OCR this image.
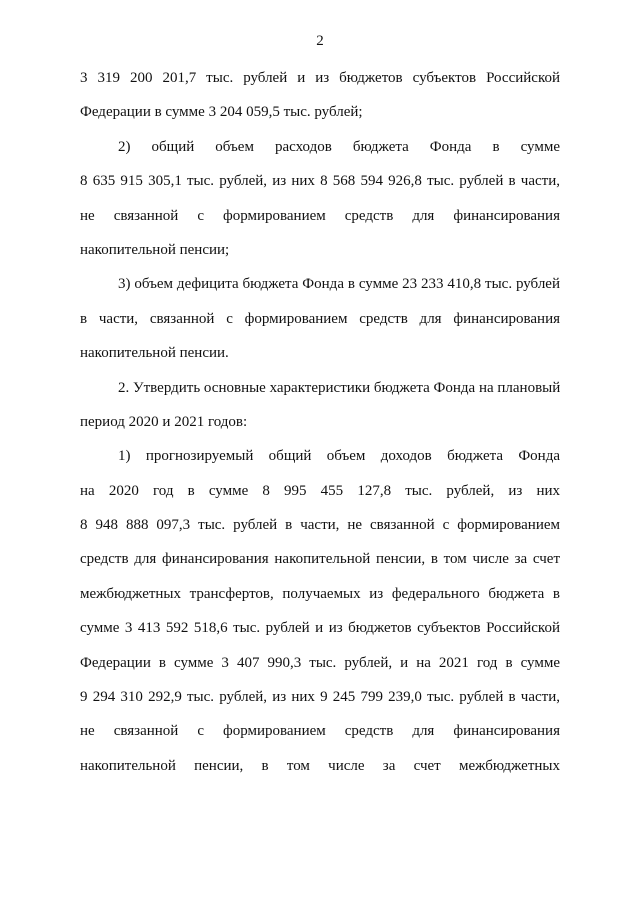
2
3 319 200 201,7 тыс. рублей и из бюджетов субъектов Российской
Федерации в сумме 3 204 059,5 тыс. рублей;
2) общий объем расходов бюджета Фонда в сумме
8 635 915 305,1 тыс. рублей, из них 8 568 594 926,8 тыс. рублей в части,
не связанной с формированием средств для финансирования
накопительной пенсии;
3) объем дефицита бюджета Фонда в сумме 23 233 410,8 тыс. рублей
в части, связанной с формированием средств для финансирования
накопительной пенсии.
2. Утвердить основные характеристики бюджета Фонда на плановый
период 2020 и 2021 годов:
1) прогнозируемый общий объем доходов бюджета Фонда
на 2020 год в сумме 8 995 455 127,8 тыс. рублей, из них
8 948 888 097,3 тыс. рублей в части, не связанной с формированием
средств для финансирования накопительной пенсии, в том числе за счет
межбюджетных трансфертов, получаемых из федерального бюджета в
сумме 3 413 592 518,6 тыс. рублей и из бюджетов субъектов Российской
Федерации в сумме 3 407 990,3 тыс. рублей, и на 2021 год в сумме
9 294 310 292,9 тыс. рублей, из них 9 245 799 239,0 тыс. рублей в части,
не связанной с формированием средств для финансирования
накопительной пенсии, в том числе за счет межбюджетных
